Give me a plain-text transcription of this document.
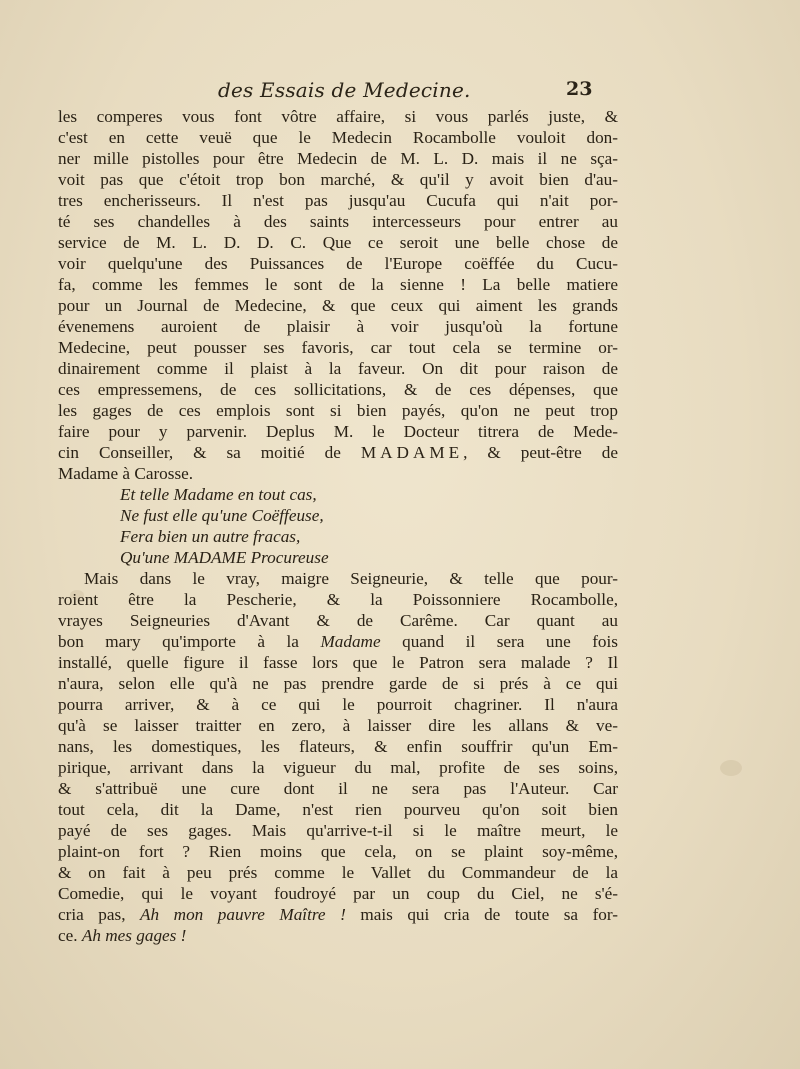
des Essais de Medecine.	23
les comperes vous font vôtre affaire, si vous parlés juste, &
c'est en cette veuë que le Medecin Rocambolle vouloit don-
ner mille pistolles pour être Medecin de M. L. D. mais il ne sça-
voit pas que c'étoit trop bon marché, & qu'il y avoit bien d'au-
tres encherisseurs. Il n'est pas jusqu'au Cucufa qui n'ait por-
té ses chandelles à des saints intercesseurs pour entrer au
service de M. L. D. D. C. Que ce seroit une belle chose de
voir quelqu'une des Puissances de l'Europe coëffée du Cucu-
fa, comme les femmes le sont de la sienne ! La belle matiere
pour un Journal de Medecine, & que ceux qui aiment les grands
évenemens auroient de plaisir à voir jusqu'où la fortune
Medecine, peut pousser ses favoris, car tout cela se termine or-
dinairement comme il plaist à la faveur. On dit pour raison de
ces empressemens, de ces sollicitations, & de ces dépenses, que
les gages de ces emplois sont si bien payés, qu'on ne peut trop
faire pour y parvenir. Deplus M. le Docteur titrera de Mede-
cin Conseiller, & sa moitié de MADAME, & peut-être de
Madame à Carosse.
Et telle Madame en tout cas,
Ne fust elle qu'une Coëffeuse,
Fera bien un autre fracas,
Qu'une MADAME Procureuse
Mais dans le vray, maigre Seigneurie, & telle que pour-
roient être la Pescherie, & la Poissonniere Rocambolle,
vrayes Seigneuries d'Avant & de Carême. Car quant au
bon mary qu'importe à la Madame quand il sera une fois
installé, quelle figure il fasse lors que le Patron sera malade ? Il
n'aura, selon elle qu'à ne pas prendre garde de si prés à ce qui
pourra arriver, & à ce qui le pourroit chagriner. Il n'aura
qu'à se laisser traitter en zero, à laisser dire les allans & ve-
nans, les domestiques, les flateurs, & enfin souffrir qu'un Em-
pirique, arrivant dans la vigueur du mal, profite de ses soins,
& s'attribuë une cure dont il ne sera pas l'Auteur. Car
tout cela, dit la Dame, n'est rien pourveu qu'on soit bien
payé de ses gages. Mais qu'arrive-t-il si le maître meurt, le
plaint-on fort ? Rien moins que cela, on se plaint soy-même,
& on fait à peu prés comme le Vallet du Commandeur de la
Comedie, qui le voyant foudroyé par un coup du Ciel, ne s'é-
cria pas, Ah mon pauvre Maître ! mais qui cria de toute sa for-
ce. Ah mes gages !
